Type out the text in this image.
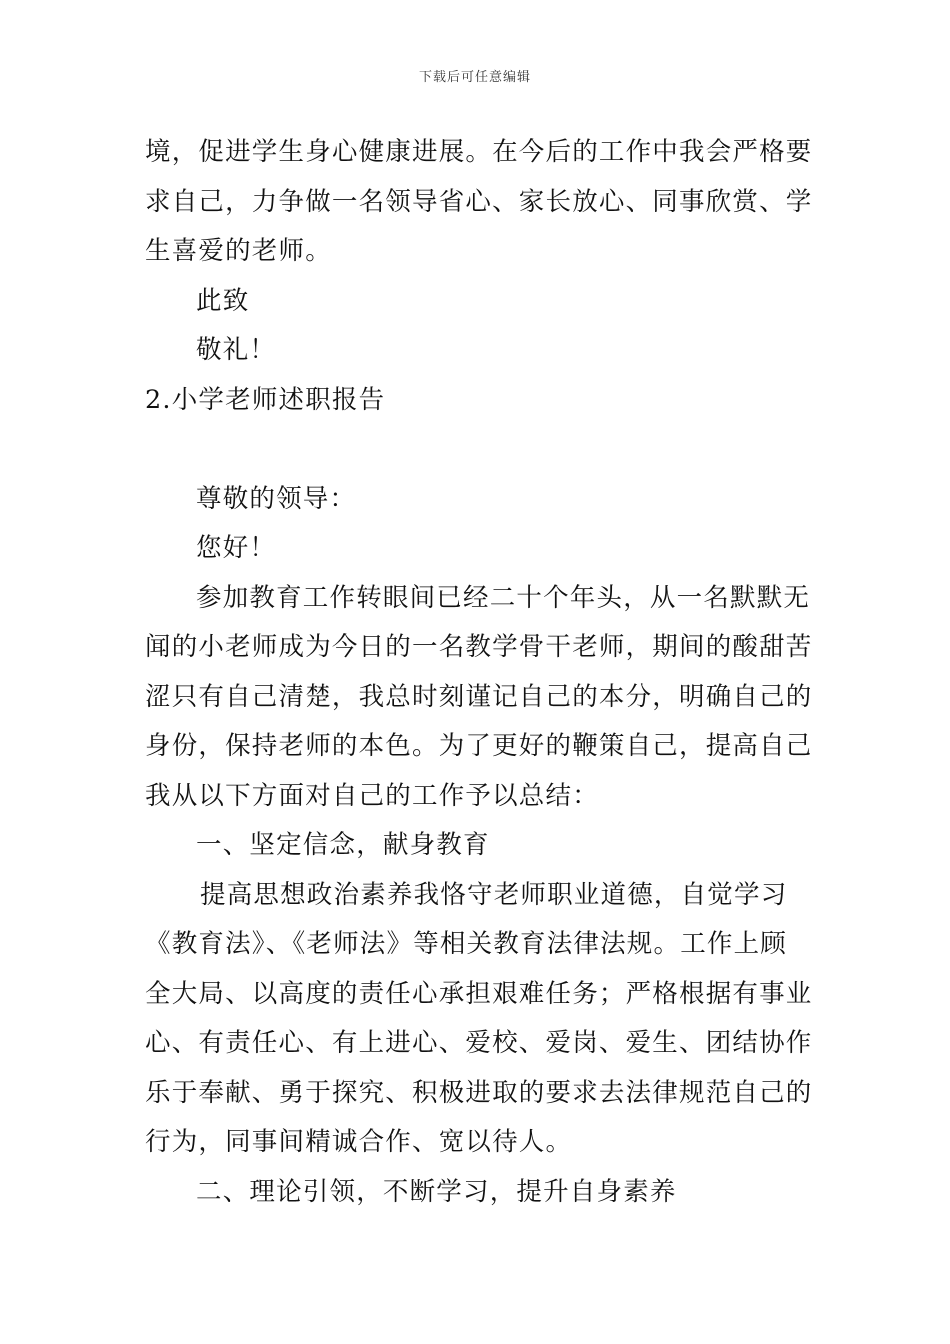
下载后可任意编辑
境，促进学生身心健康进展。在今后的工作中我会严格要
求自己，力争做一名领导省心、家长放心、同事欣赏、学
生喜爱的老师。
此致
敬礼！
2.小学老师述职报告
尊敬的领导：
您好！
参加教育工作转眼间已经二十个年头，从一名默默无
闻的小老师成为今日的一名教学骨干老师，期间的酸甜苦
涩只有自己清楚，我总时刻谨记自己的本分，明确自己的
身份，保持老师的本色。为了更好的鞭策自己，提高自己
我从以下方面对自己的工作予以总结：
一、坚定信念，献身教育
提高思想政治素养我恪守老师职业道德，自觉学习
《教育法》、《老师法》等相关教育法律法规。工作上顾
全大局、以高度的责任心承担艰难任务；严格根据有事业
心、有责任心、有上进心、爱校、爱岗、爱生、团结协作
乐于奉献、勇于探究、积极进取的要求去法律规范自己的
行为，同事间精诚合作、宽以待人。
二、理论引领，不断学习，提升自身素养
